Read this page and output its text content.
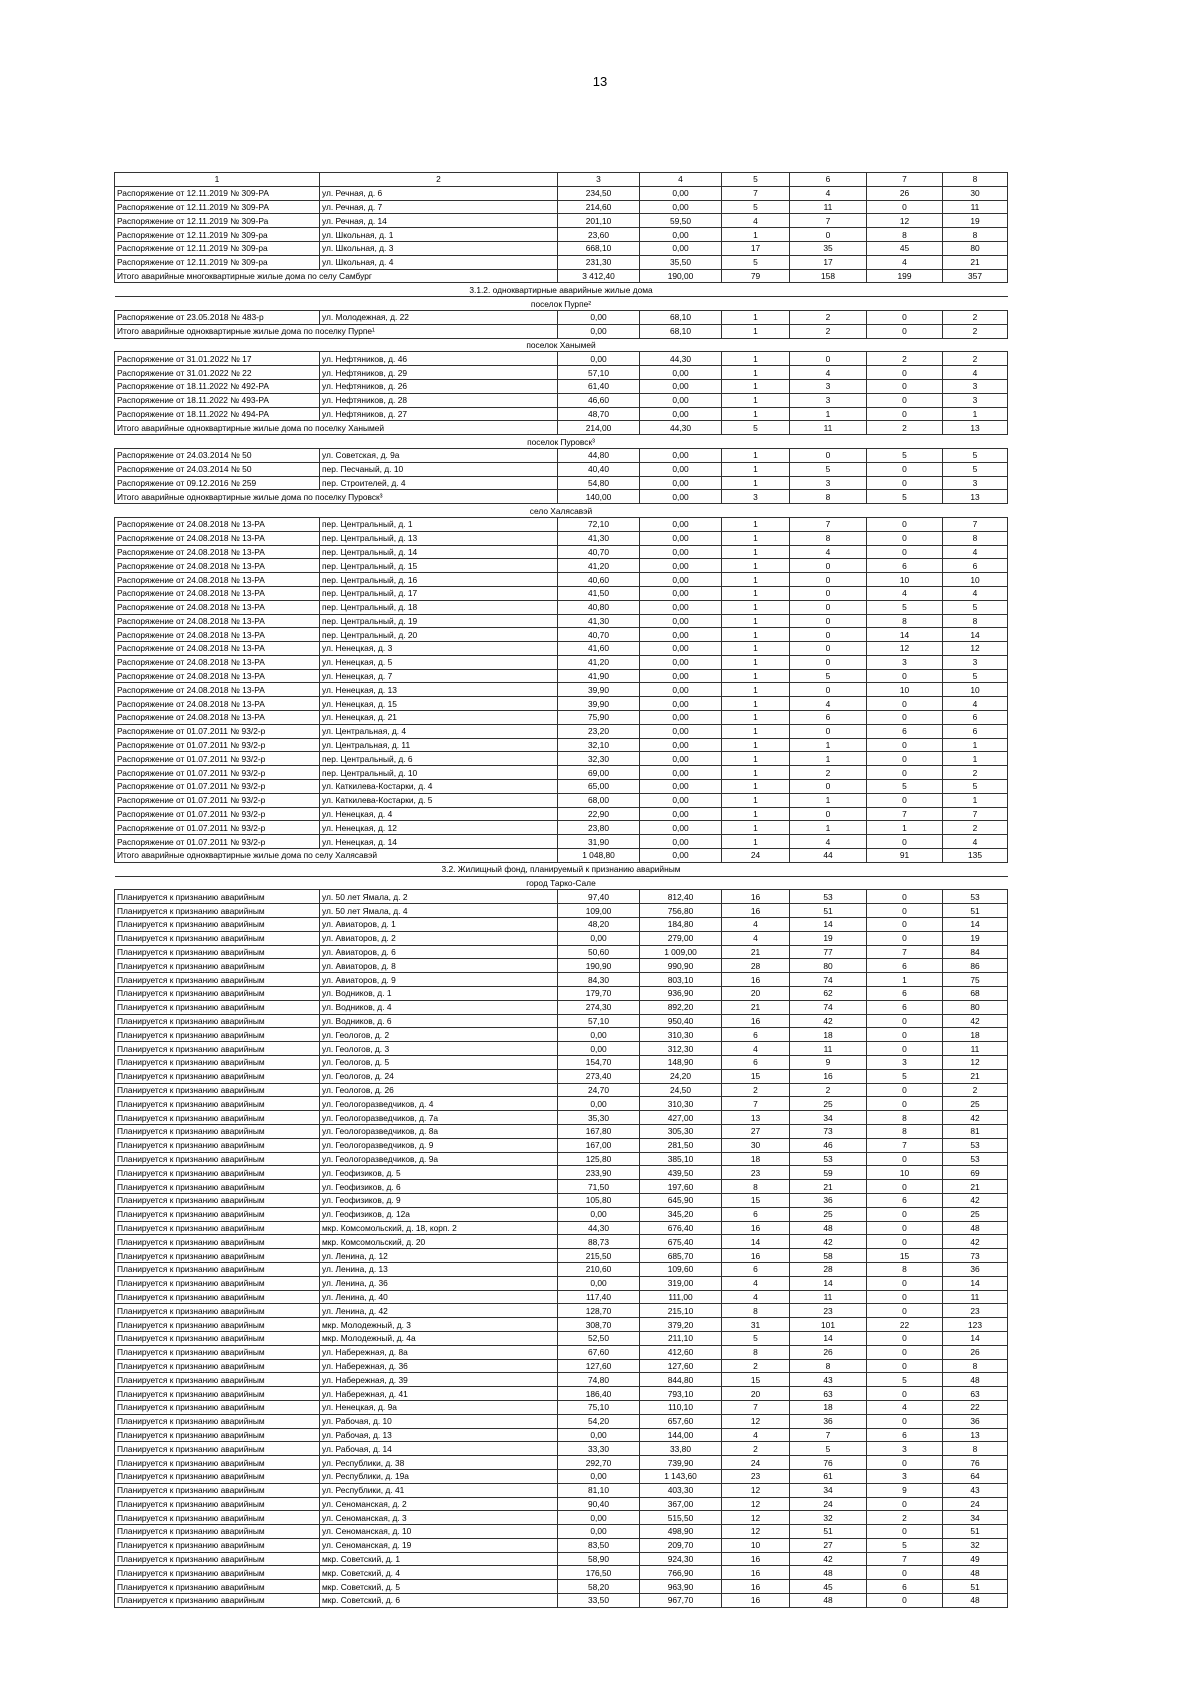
13
1	2	3	4	5	6	7	8
Распоряжение от 12.11.2019 № 309-РА	ул. Речная, д. 6	234,50	0,00	7	4	26	30
Распоряжение от 12.11.2019 № 309-РА	ул. Речная, д. 7	214,60	0,00	5	11	0	11
Распоряжение от 12.11.2019 № 309-Ра	ул. Речная, д. 14	201,10	59,50	4	7	12	19
Распоряжение от 12.11.2019 № 309-ра	ул. Школьная, д. 1	23,60	0,00	1	0	8	8
Распоряжение от 12.11.2019 № 309-ра	ул. Школьная, д. 3	668,10	0,00	17	35	45	80
Распоряжение от 12.11.2019 № 309-ра	ул. Школьная, д. 4	231,30	35,50	5	17	4	21
Итого аварийные многоквартирные жилые дома по селу Самбург		3 412,40	190,00	79	158	199	357
3.1.2. одноквартирные аварийные жилые дома							
поселок Пурпе²							
Распоряжение от 23.05.2018 № 483-р	ул. Молодежная, д. 22	0,00	68,10	1	2	0	2
Итого аварийные одноквартирные жилые дома по поселку Пурпе¹		0,00	68,10	1	2	0	2
поселок Ханымей							
Распоряжение от 31.01.2022 № 17	ул. Нефтяников, д. 46	0,00	44,30	1	0	2	2
Распоряжение от 31.01.2022 № 22	ул. Нефтяников, д. 29	57,10	0,00	1	4	0	4
Распоряжение от 18.11.2022 № 492-РА	ул. Нефтяников, д. 26	61,40	0,00	1	3	0	3
Распоряжение от 18.11.2022 № 493-РА	ул. Нефтяников, д. 28	46,60	0,00	1	3	0	3
Распоряжение от 18.11.2022 № 494-РА	ул. Нефтяников, д. 27	48,70	0,00	1	1	0	1
Итого аварийные одноквартирные жилые дома по поселку Ханымей		214,00	44,30	5	11	2	13
поселок Пуровск³							
Распоряжение от 24.03.2014 № 50	ул. Советская, д. 9а	44,80	0,00	1	0	5	5
Распоряжение от 24.03.2014 № 50	пер. Песчаный, д. 10	40,40	0,00	1	5	0	5
Распоряжение от 09.12.2016 № 259	пер. Строителей, д. 4	54,80	0,00	1	3	0	3
Итого аварийные одноквартирные жилые дома по поселку Пуровск³		140,00	0,00	3	8	5	13
село Халясавэй							
Распоряжение от 24.08.2018 № 13-РА	пер. Центральный, д. 1	72,10	0,00	1	7	0	7
Распоряжение от 24.08.2018 № 13-РА	пер. Центральный, д. 13	41,30	0,00	1	8	0	8
Распоряжение от 24.08.2018 № 13-РА	пер. Центральный, д. 14	40,70	0,00	1	4	0	4
Распоряжение от 24.08.2018 № 13-РА	пер. Центральный, д. 15	41,20	0,00	1	0	6	6
Распоряжение от 24.08.2018 № 13-РА	пер. Центральный, д. 16	40,60	0,00	1	0	10	10
Распоряжение от 24.08.2018 № 13-РА	пер. Центральный, д. 17	41,50	0,00	1	0	4	4
Распоряжение от 24.08.2018 № 13-РА	пер. Центральный, д. 18	40,80	0,00	1	0	5	5
Распоряжение от 24.08.2018 № 13-РА	пер. Центральный, д. 19	41,30	0,00	1	0	8	8
Распоряжение от 24.08.2018 № 13-РА	пер. Центральный, д. 20	40,70	0,00	1	0	14	14
Распоряжение от 24.08.2018 № 13-РА	ул. Ненецкая, д. 3	41,60	0,00	1	0	12	12
Распоряжение от 24.08.2018 № 13-РА	ул. Ненецкая, д. 5	41,20	0,00	1	0	3	3
Распоряжение от 24.08.2018 № 13-РА	ул. Ненецкая, д. 7	41,90	0,00	1	5	0	5
Распоряжение от 24.08.2018 № 13-РА	ул. Ненецкая, д. 13	39,90	0,00	1	0	10	10
Распоряжение от 24.08.2018 № 13-РА	ул. Ненецкая, д. 15	39,90	0,00	1	4	0	4
Распоряжение от 24.08.2018 № 13-РА	ул. Ненецкая, д. 21	75,90	0,00	1	6	0	6
Распоряжение от 01.07.2011 № 93/2-р	ул. Центральная, д. 4	23,20	0,00	1	0	6	6
Распоряжение от 01.07.2011 № 93/2-р	ул. Центральная, д. 11	32,10	0,00	1	1	0	1
Распоряжение от 01.07.2011 № 93/2-р	пер. Центральный, д. 6	32,30	0,00	1	1	0	1
Распоряжение от 01.07.2011 № 93/2-р	пер. Центральный, д. 10	69,00	0,00	1	2	0	2
Распоряжение от 01.07.2011 № 93/2-р	ул. Каткилева-Костарки, д. 4	65,00	0,00	1	0	5	5
Распоряжение от 01.07.2011 № 93/2-р	ул. Каткилева-Костарки, д. 5	68,00	0,00	1	1	0	1
Распоряжение от 01.07.2011 № 93/2-р	ул. Ненецкая, д. 4	22,90	0,00	1	0	7	7
Распоряжение от 01.07.2011 № 93/2-р	ул. Ненецкая, д. 12	23,80	0,00	1	1	1	2
Распоряжение от 01.07.2011 № 93/2-р	ул. Ненецкая, д. 14	31,90	0,00	1	4	0	4
Итого аварийные одноквартирные жилые дома по селу Халясавэй		1 048,80	0,00	24	44	91	135
3.2. Жилищный фонд, планируемый к признанию аварийным							
город Тарко-Сале							
Планируется к признанию аварийным	ул. 50 лет Ямала, д. 2	97,40	812,40	16	53	0	53
Планируется к признанию аварийным	ул. 50 лет Ямала, д. 4	109,00	756,80	16	51	0	51
Планируется к признанию аварийным	ул. Авиаторов, д. 1	48,20	184,80	4	14	0	14
Планируется к признанию аварийным	ул. Авиаторов, д. 2	0,00	279,00	4	19	0	19
Планируется к признанию аварийным	ул. Авиаторов, д. 6	50,60	1 009,00	21	77	7	84
Планируется к признанию аварийным	ул. Авиаторов, д. 8	190,90	990,90	28	80	6	86
Планируется к признанию аварийным	ул. Авиаторов, д. 9	84,30	803,10	16	74	1	75
Планируется к признанию аварийным	ул. Водников, д. 1	179,70	936,90	20	62	6	68
Планируется к признанию аварийным	ул. Водников, д. 4	274,30	892,20	21	74	6	80
Планируется к признанию аварийным	ул. Водников, д. 6	57,10	950,40	16	42	0	42
Планируется к признанию аварийным	ул. Геологов, д. 2	0,00	310,30	6	18	0	18
Планируется к признанию аварийным	ул. Геологов, д. 3	0,00	312,30	4	11	0	11
Планируется к признанию аварийным	ул. Геологов, д. 5	154,70	148,90	6	9	3	12
Планируется к признанию аварийным	ул. Геологов, д. 24	273,40	24,20	15	16	5	21
Планируется к признанию аварийным	ул. Геологов, д. 26	24,70	24,50	2	2	0	2
Планируется к признанию аварийным	ул. Геологоразведчиков, д. 4	0,00	310,30	7	25	0	25
Планируется к признанию аварийным	ул. Геологоразведчиков, д. 7а	35,30	427,00	13	34	8	42
Планируется к признанию аварийным	ул. Геологоразведчиков, д. 8а	167,80	305,30	27	73	8	81
Планируется к признанию аварийным	ул. Геологоразведчиков, д. 9	167,00	281,50	30	46	7	53
Планируется к признанию аварийным	ул. Геологоразведчиков, д. 9а	125,80	385,10	18	53	0	53
Планируется к признанию аварийным	ул. Геофизиков, д. 5	233,90	439,50	23	59	10	69
Планируется к признанию аварийным	ул. Геофизиков, д. 6	71,50	197,60	8	21	0	21
Планируется к признанию аварийным	ул. Геофизиков, д. 9	105,80	645,90	15	36	6	42
Планируется к признанию аварийным	ул. Геофизиков, д. 12а	0,00	345,20	6	25	0	25
Планируется к признанию аварийным	мкр. Комсомольский, д. 18, корп. 2	44,30	676,40	16	48	0	48
Планируется к признанию аварийным	мкр. Комсомольский, д. 20	88,73	675,40	14	42	0	42
Планируется к признанию аварийным	ул. Ленина, д. 12	215,50	685,70	16	58	15	73
Планируется к признанию аварийным	ул. Ленина, д. 13	210,60	109,60	6	28	8	36
Планируется к признанию аварийным	ул. Ленина, д. 36	0,00	319,00	4	14	0	14
Планируется к признанию аварийным	ул. Ленина, д. 40	117,40	111,00	4	11	0	11
Планируется к признанию аварийным	ул. Ленина, д. 42	128,70	215,10	8	23	0	23
Планируется к признанию аварийным	мкр. Молодежный, д. 3	308,70	379,20	31	101	22	123
Планируется к признанию аварийным	мкр. Молодежный, д. 4а	52,50	211,10	5	14	0	14
Планируется к признанию аварийным	ул. Набережная, д. 8а	67,60	412,60	8	26	0	26
Планируется к признанию аварийным	ул. Набережная, д. 36	127,60	127,60	2	8	0	8
Планируется к признанию аварийным	ул. Набережная, д. 39	74,80	844,80	15	43	5	48
Планируется к признанию аварийным	ул. Набережная, д. 41	186,40	793,10	20	63	0	63
Планируется к признанию аварийным	ул. Ненецкая, д. 9а	75,10	110,10	7	18	4	22
Планируется к признанию аварийным	ул. Рабочая, д. 10	54,20	657,60	12	36	0	36
Планируется к признанию аварийным	ул. Рабочая, д. 13	0,00	144,00	4	7	6	13
Планируется к признанию аварийным	ул. Рабочая, д. 14	33,30	33,80	2	5	3	8
Планируется к признанию аварийным	ул. Республики, д. 38	292,70	739,90	24	76	0	76
Планируется к признанию аварийным	ул. Республики, д. 19а	0,00	1 143,60	23	61	3	64
Планируется к признанию аварийным	ул. Республики, д. 41	81,10	403,30	12	34	9	43
Планируется к признанию аварийным	ул. Сеноманская, д. 2	90,40	367,00	12	24	0	24
Планируется к признанию аварийным	ул. Сеноманская, д. 3	0,00	515,50	12	32	2	34
Планируется к признанию аварийным	ул. Сеноманская, д. 10	0,00	498,90	12	51	0	51
Планируется к признанию аварийным	ул. Сеноманская, д. 19	83,50	209,70	10	27	5	32
Планируется к признанию аварийным	мкр. Советский, д. 1	58,90	924,30	16	42	7	49
Планируется к признанию аварийным	мкр. Советский, д. 4	176,50	766,90	16	48	0	48
Планируется к признанию аварийным	мкр. Советский, д. 5	58,20	963,90	16	45	6	51
Планируется к признанию аварийным	мкр. Советский, д. 6	33,50	967,70	16	48	0	48
